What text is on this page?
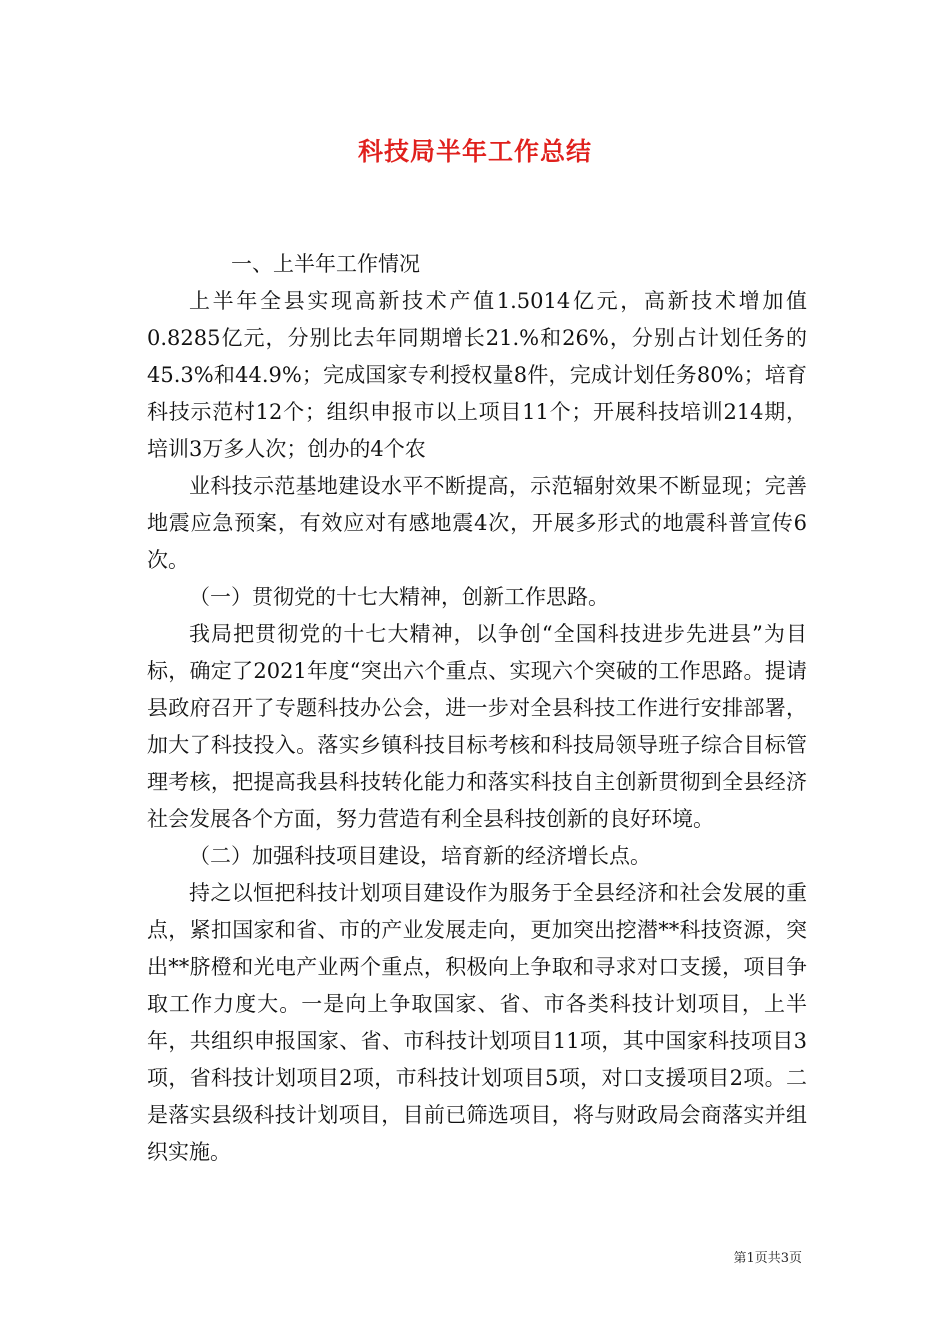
科技局半年工作总结

一、上半年工作情况

上半年全县实现高新技术产值1.5014亿元，高新技术增加值0.8285亿元，分别比去年同期增长21.%和26%，分别占计划任务的45.3%和44.9%；完成国家专利授权量8件，完成计划任务80%；培育科技示范村12个；组织申报市以上项目11个；开展科技培训214期，培训3万多人次；创办的4个农

业科技示范基地建设水平不断提高，示范辐射效果不断显现；完善地震应急预案，有效应对有感地震4次，开展多形式的地震科普宣传6次。

（一）贯彻党的十七大精神，创新工作思路。

我局把贯彻党的十七大精神，以争创“全国科技进步先进县”为目标，确定了2021年度“突出六个重点、实现六个突破的工作思路。提请县政府召开了专题科技办公会，进一步对全县科技工作进行安排部署，加大了科技投入。落实乡镇科技目标考核和科技局领导班子综合目标管理考核，把提高我县科技转化能力和落实科技自主创新贯彻到全县经济社会发展各个方面，努力营造有利全县科技创新的良好环境。

（二）加强科技项目建设，培育新的经济增长点。

持之以恒把科技计划项目建设作为服务于全县经济和社会发展的重点，紧扣国家和省、市的产业发展走向，更加突出挖潜**科技资源，突出**脐橙和光电产业两个重点，积极向上争取和寻求对口支援，项目争取工作力度大。一是向上争取国家、省、市各类科技计划项目，上半年，共组织申报国家、省、市科技计划项目11项，其中国家科技项目3项，省科技计划项目2项，市科技计划项目5项，对口支援项目2项。二是落实县级科技计划项目，目前已筛选项目，将与财政局会商落实并组织实施。

第1页共3页
